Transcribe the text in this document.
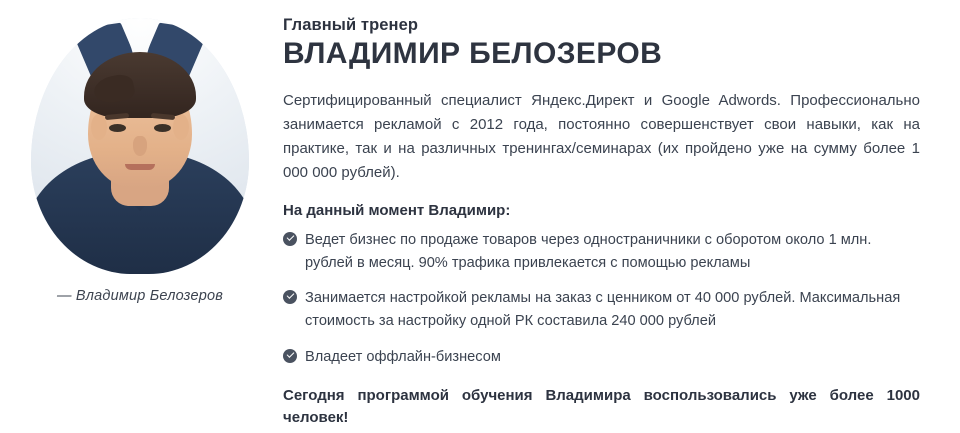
— Владимир Белозеров
Главный тренер
ВЛАДИМИР БЕЛОЗЕРОВ

Сертифицированный специалист Яндекс.Директ и Google Adwords. Профессионально занимается рекламой с 2012 года, постоянно совершенствует свои навыки, как на практике, так и на различных тренингах/семинарах (их пройдено уже на сумму более 1 000 000 рублей).

На данный момент Владимир:
Ведет бизнес по продаже товаров через одностраничники с оборотом около 1 млн. рублей в месяц. 90% трафика привлекается с помощью рекламы
Занимается настройкой рекламы на заказ с ценником от 40 000 рублей. Максимальная стоимость за настройку одной РК составила 240 000 рублей
Владеет оффлайн-бизнесом

Сегодня программой обучения Владимира воспользовались уже более 1000 человек!
